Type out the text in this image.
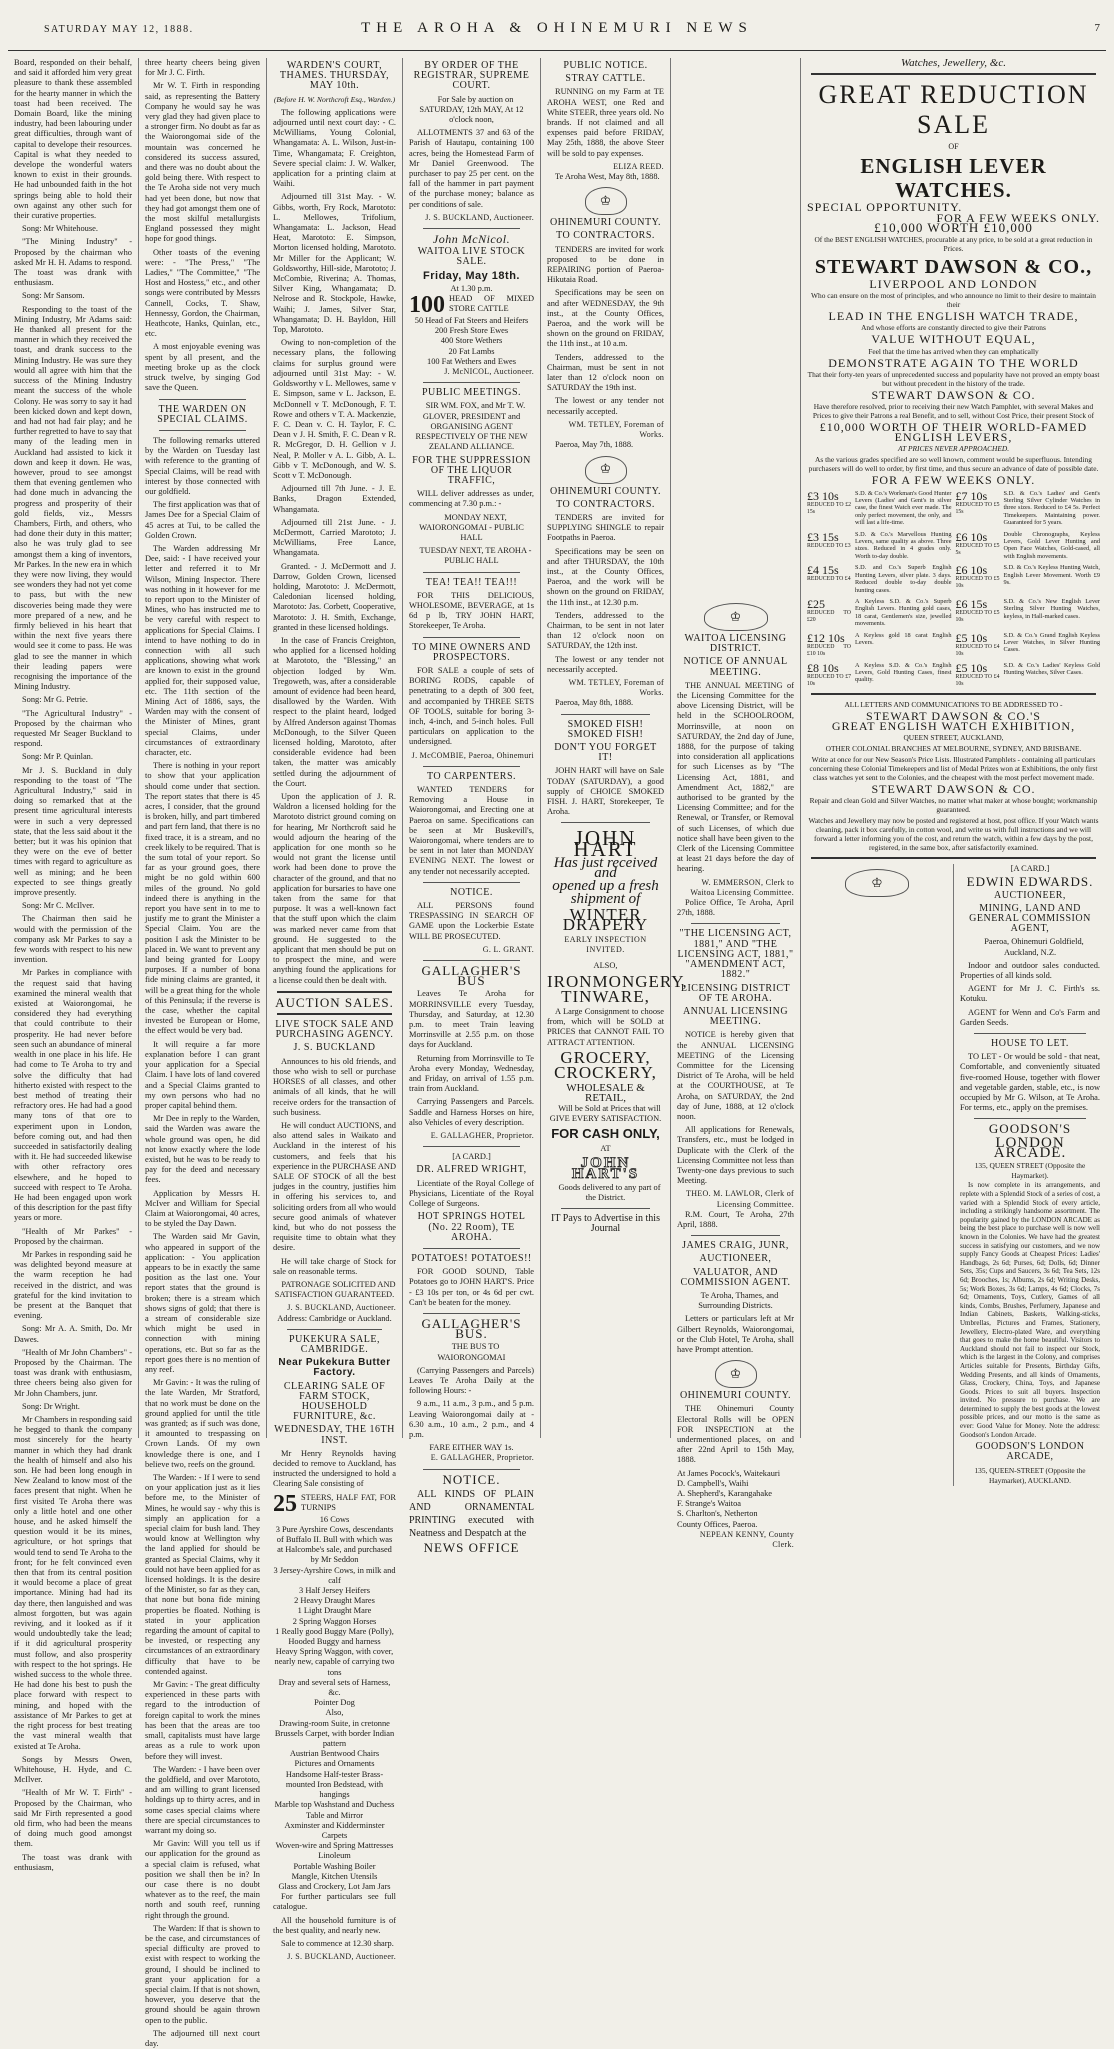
SATURDAY MAY 12, 1888.	THE AROHA & OHINEMURI NEWS	7

Board, responded on their behalf, and said it afforded him very great pleasure to thank these assembled for the hearty manner in which the toast had been received. The Domain Board, like the mining industry, had been labouring under great difficulties, through want of capital to develope their resources. Capital is what they needed to develope the wonderful waters known to exist in their grounds. He had unbounded faith in the hot springs being able to hold their own against any other such for their curative properties.

Song: Mr Whitehouse.

"The Mining Industry" - Proposed by the chairman who asked Mr H. H. Adams to respond. The toast was drank with enthusiasm.

Song: Mr Sansom.

Responding to the toast of the Mining Industry, Mr Adams said: He thanked all present for the manner in which they received the toast, and drank success to the Mining Industry. He was sure they would all agree with him that the success of the Mining Industry meant the success of the whole Colony. He was sorry to say it had been kicked down and kept down, and had not had fair play; and he further regretted to have to say that many of the leading men in Auckland had assisted to kick it down and keep it down. He was, however, proud to see amongst them that evening gentlemen who had done much in advancing the progress and prosperity of their gold fields, viz., Messrs Chambers, Firth, and others, who had done their duty in this matter; also he was truly glad to see amongst them a king of inventors, Mr Parkes. In the new era in which they were now living, they would see wonders they had not yet come to pass, but with the new discoveries being made they were more prepared of a new, and he firmly believed in his heart that within the next five years there would see it come to pass. He was glad to see the manner in which their leading papers were recognising the importance of the Mining Industry.

Song: Mr G. Petrie.

"The Agricultural Industry" - Proposed by the chairman who requested Mr Seager Buckland to respond.

Song: Mr P. Quinlan.

Mr J. S. Buckland in duly responding to the toast of "The Agricultural Industry," said in doing so remarked that at the present time agricultural interests were in such a very depressed state, that the less said about it the better; but it was his opinion that they were on the eve of better times with regard to agriculture as well as mining; and he been expected to see things greatly improve presently.

Song: Mr C. McIlver.

The Chairman then said he would with the permission of the company ask Mr Parkes to say a few words with respect to his new invention.

Mr Parkes in compliance with the request said that having examined the mineral wealth that existed at Waiorongomai, he considered they had everything that could contribute to their prosperity. He had never before seen such an abundance of mineral wealth in one place in his life. He had come to Te Aroha to try and solve the difficulty that had hitherto existed with respect to the best method of treating their refractory ores. He had had a good many tons of that ore to experiment upon in London, before coming out, and had then succeeded in satisfactorily dealing with it. He had succeeded likewise with other refractory ores elsewhere, and he hoped to succeed with respect to Te Aroha. He had been engaged upon work of this description for the past fifty years or more.

"Health of Mr Parkes" - Proposed by the chairman.

Mr Parkes in responding said he was delighted beyond measure at the warm reception he had received in the district, and was grateful for the kind invitation to be present at the Banquet that evening.

Song: Mr A. A. Smith, Do. Mr Dawes.

"Health of Mr John Chambers" - Proposed by the Chairman. The toast was drank with enthusiasm, three cheers being also given for Mr John Chambers, junr.

Song: Dr Wright.

Mr Chambers in responding said he begged to thank the company most sincerely for the hearty manner in which they had drank the health of himself and also his son. He had been long enough in New Zealand to know most of the faces present that night. When he first visited Te Aroha there was only a little hotel and one other house, and he asked himself the question would it be its mines, agriculture, or hot springs that would tend to send Te Aroha to the front; for he felt convinced even then that from its central position it would become a place of great importance. Mining had had its day there, then languished and was almost forgotten, but was again reviving, and it looked as if it would undoubtedly take the lead; if it did agricultural prosperity must follow, and also prosperity with respect to the hot springs. He wished success to the whole three. He had done his best to push the place forward with respect to mining, and hoped with the assistance of Mr Parkes to get at the right process for best treating the vast mineral wealth that existed at Te Aroha.

Songs by Messrs Owen, Whitehouse, H. Hyde, and C. McIlver.

"Health of Mr W. T. Firth" - Proposed by the Chairman, who said Mr Firth represented a good old firm, who had been the means of doing much good amongst them.

The toast was drank with enthusiasm,

three hearty cheers being given for Mr J. C. Firth.

Mr W. T. Firth in responding said, as representing the Battery Company he would say he was very glad they had given place to a stronger firm. No doubt as far as the Waiorongomai side of the mountain was concerned he considered its success assured, and there was no doubt about the gold being there. With respect to the Te Aroha side not very much had yet been done, but now that they had got amongst them one of the most skilful metallurgists England possessed they might hope for good things.

Other toasts of the evening were: - "The Press," "The Ladies," "The Committee," "The Host and Hostess," etc., and other songs were contributed by Messrs Cannell, Cocks, T. Shaw, Hennessy, Gordon, the Chairman, Heathcote, Hanks, Quinlan, etc., etc.

A most enjoyable evening was spent by all present, and the meeting broke up as the clock struck twelve, by singing God save the Queen.

THE WARDEN ON SPECIAL CLAIMS.

The following remarks uttered by the Warden on Tuesday last with reference to the granting of Special Claims, will be read with interest by those connected with our goldfield.

The first application was that of James Dee for a Special Claim of 45 acres at Tui, to be called the Golden Crown.

The Warden addressing Mr Dee, said: - I have received your letter and referred it to Mr Wilson, Mining Inspector. There was nothing in it however for me to report upon to the Minister of Mines, who has instructed me to be very careful with respect to applications for Special Claims. I intend to have nothing to do in connection with all such applications, showing what work are known to exist in the ground applied for, their supposed value, etc. The 11th section of the Mining Act of 1886, says, the Warden may with the consent of the Minister of Mines, grant special Claims, under circumstances of extraordinary character, etc.

There is nothing in your report to show that your application should come under that section. The report states that there is 45 acres, I consider, that the ground is broken, hilly, and part timbered and part fern land, that there is no fixed trace, it is a stream, and no creek likely to be required. That is the sum total of your report. So far as your ground goes, there might be no gold within 600 miles of the ground. No gold indeed there is anything in the report you have sent in to me to justify me to grant the Minister a Special Claim. You are the position I ask the Minister to be placed in. We want to prevent any land being granted for Loopy purposes. If a number of bona fide mining claims are granted, it will be a great thing for the whole of this Peninsula; if the reverse is the case, whether the capital invested be European or Home, the effect would be very bad.

It will require a far more explanation before I can grant your application for a Special Claim. I have lots of land covered and a Special Claims granted to my own persons who had no proper capital behind them.

Mr Dee in reply to the Warden, said the Warden was aware the whole ground was open, he did not know exactly where the lode existed, but he was to be ready to pay for the deed and necessary fees.

Application by Messrs H. McIver and William for Special Claim at Waiorongomai, 40 acres, to be styled the Day Dawn.

The Warden said Mr Gavin, who appeared in support of the application: - You application appears to be in exactly the same position as the last one. Your report states that the ground is broken; there is a stream which shows signs of gold; that there is a stream of considerable size which might be used in connection with mining operations, etc. But so far as the report goes there is no mention of any reef.

Mr Gavin: - It was the ruling of the late Warden, Mr Stratford, that no work must be done on the ground applied for until the title was granted; as if such was done, it amounted to trespassing on Crown Lands. Of my own knowledge there is one, and I believe two, reefs on the ground.

The Warden: - If I were to send on your application just as it lies before me, to the Minister of Mines, he would say - why this is simply an application for a special claim for bush land. They would know at Wellington why the land applied for should be granted as Special Claims, why it could not have been applied for as licensed holdings. It is the desire of the Minister, so far as they can, that none but bona fide mining properties be floated. Nothing is stated in your application regarding the amount of capital to be invested, or respecting any circumstances of an extraordinary difficulty that have to be contended against.

Mr Gavin: - The great difficulty experienced in these parts with regard to the introduction of foreign capital to work the mines has been that the areas are too small, capitalists must have large areas as a rule to work upon before they will invest.

The Warden: - I have been over the goldfield, and over Marototo, and am willing to grant licensed holdings up to thirty acres, and in some cases special claims where there are special circumstances to warrant my doing so.

Mr Gavin: Will you tell us if our application for the ground as a special claim is refused, what position we shall then be in? In our case there is no doubt whatever as to the reef, the main north and south reef, running right through the ground.

The Warden: If that is shown to be the case, and circumstances of special difficulty are proved to exist with respect to working the ground, I should be inclined to grant your application for a special claim. If that is not shown, however, you deserve that the ground should be again thrown open to the public.

The adjourned till next court day.

WARDEN'S COURT, THAMES. THURSDAY, MAY 10th.
(Before H. W. Northcroft Esq., Warden.)

The following applications were adjourned until next court day: - C. McWilliams, Young Colonial, Whangamata: A. L. Wilson, Just-in-Time, Whangamata; F. Creighton, Severe special claim: J. W. Walker, application for a printing claim at Waihi.

Adjourned till 31st May. - W. Gibbs, worth, Fry Rock, Marototo: L. Mellowes, Trifolium, Whangamata: L. Jackson, Head Heat, Marototo: E. Simpson, Morton licensed holding, Marototo. Mr Miller for the Applicant; W. Goldsworthy, Hill-side, Marototo; J. McCombie, Riverina; A. Thomas, Silver King, Whangamata; D. Nelrose and R. Stockpole, Hawke, Waihi; J. James, Silver Star, Whangamata; D. H. Bayldon, Hill Top, Marototo.

Owing to non-completion of the necessary plans, the following claims for surplus ground were adjourned until 31st May: - W. Goldsworthy v L. Mellowes, same v E. Simpson, same v L. Jackson, E. McDonnell v T. McDonough, F. T. Rowe and others v T. A. Mackenzie, F. C. Dean v. C. H. Taylor, F. C. Dean v J. H. Smith, F. C. Dean v R. R. McGregor, D. H. Gellion v J. Neal, P. Moller v A. L. Gibb, A. L. Gibb v T. McDonough, and W. S. Scott v T. McDonough.

Adjourned till 7th June. - J. E. Banks, Dragon Extended, Whangamata.

Adjourned till 21st June. - J. McDermott, Carried Marototo; J. McWilliams, Free Lance, Whangamata.

Granted. - J. McDermott and J. Darrow, Golden Crown, licensed holding, Marototo: J. McDermott, Caledonian licensed holding, Marototo: Jas. Corbett, Cooperative, Marototo: J. H. Smith, Exchange, granted in these licensed holdings.

In the case of Francis Creighton, who applied for a licensed holding at Marototo, the "Blessing," an objection lodged by Wm. Tregoweth, was, after a considerable amount of evidence had been heard, disallowed by the Warden. With respect to the plaint heard, lodged by Alfred Anderson against Thomas McDonough, to the Silver Queen licensed holding, Marototo, after considerable evidence had been taken, the matter was amicably settled during the adjournment of the Court.

Upon the application of J. R. Waldron a licensed holding for the Marototo district ground coming on for hearing, Mr Northcroft said he would adjourn the hearing of the application for one month so he would not grant the license until work had been done to prove the character of the ground, and that no application for bursaries to have one taken from the same for that purpose. It was a well-known fact that the stuff upon which the claim was marked never came from that ground. He suggested to the applicant that men should be put on to prospect the mine, and were anything found the applications for a license could then be dealt with.

AUCTION SALES.
LIVE STOCK SALE AND PURCHASING AGENCY.
J. S. BUCKLAND

Announces to his old friends, and those who wish to sell or purchase HORSES of all classes, and other animals of all kinds, that he will receive orders for the transaction of such business.

He will conduct AUCTIONS, and also attend sales in Waikato and Auckland in the interest of his customers, and feels that his experience in the PURCHASE AND SALE OF STOCK of all the best judges in the country, justifies him in offering his services to, and soliciting orders from all who would secure good animals of whatever kind, but who do not possess the requisite time to obtain what they desire.

He will take charge of Stock for sale on reasonable terms.

PATRONAGE SOLICITED AND SATISFACTION GUARANTEED.

J. S. BUCKLAND, Auctioneer.
Address: Cambridge or Auckland.
PUKEKURA SALE, CAMBRIDGE.
Near Pukekura Butter Factory.
CLEARING SALE OF FARM STOCK, HOUSEHOLD FURNITURE, &c.
WEDNESDAY, THE 16TH INST.

Mr Henry Reynolds having decided to remove to Auckland, has instructed the undersigned to hold a Clearing Sale consisting of

25 STEERS, HALF FAT, FOR TURNIPS
16 Cows
3 Pure Ayrshire Cows, descendants of Buffalo II. Bull with which was at Halcombe's sale, and purchased by Mr Seddon
3 Jersey-Ayrshire Cows, in milk and calf
3 Half Jersey Heifers
2 Heavy Draught Mares
1 Light Draught Mare
2 Spring Waggon Horses
1 Really good Buggy Mare (Polly), Hooded Buggy and harness
Heavy Spring Waggon, with cover, nearly new, capable of carrying two tons
Dray and several sets of Harness, &c.
Pointer Dog
Also,
Drawing-room Suite, in cretonne
Brussels Carpet, with border Indian pattern
Austrian Bentwood Chairs
Pictures and Ornaments
Handsome Half-tester Brass-mounted Iron Bedstead, with hangings
Marble top Washstand and Duchess Table and Mirror
Axminster and Kidderminster Carpets
Woven-wire and Spring Mattresses
Linoleum
Portable Washing Boiler
Mangle, Kitchen Utensils
Glass and Crockery, Lot Jam Jars

For further particulars see full catalogue.

All the household furniture is of the best quality, and nearly new.

Sale to commence at 12.30 sharp.

J. S. BUCKLAND, Auctioneer.
BY ORDER OF THE REGISTRAR, SUPREME COURT.

For Sale by auction on SATURDAY, 12th MAY, At 12 o'clock noon,

ALLOTMENTS 37 and 63 of the Parish of Hautapu, containing 100 acres, being the Homestead Farm of Mr Daniel Greenwood. The purchaser to pay 25 per cent. on the fall of the hammer in part payment of the purchase money; balance as per conditions of sale.

J. S. BUCKLAND, Auctioneer.
John McNicol.
WAITOA LIVE STOCK SALE.
Friday, May 18th.
At 1.30 p.m.
100 HEAD OF MIXED STORE CATTLE
50 Head of Fat Steers and Heifers
200 Fresh Store Ewes
400 Store Wethers
20 Fat Lambs
100 Fat Wethers and Ewes
J. McNICOL, Auctioneer.
PUBLIC MEETINGS.

SIR WM. FOX, and Mr T. W. GLOVER, PRESIDENT and ORGANISING AGENT RESPECTIVELY OF THE NEW ZEALAND ALLIANCE.

FOR THE SUPPRESSION OF THE LIQUOR TRAFFIC,

WILL deliver addresses as under, commencing at 7.30 p.m.: -

MONDAY NEXT, WAIORONGOMAI - PUBLIC HALL

TUESDAY NEXT, TE AROHA - PUBLIC HALL

TEA! TEA!! TEA!!!

FOR THIS DELICIOUS, WHOLESOME, BEVERAGE, at 1s 6d p lb, TRY JOHN HART, Storekeeper, Te Aroha.

TO MINE OWNERS AND PROSPECTORS.

FOR SALE a couple of sets of BORING RODS, capable of penetrating to a depth of 300 feet, and accompanied by THREE SETS OF TOOLS, suitable for boring 3-inch, 4-inch, and 5-inch holes. Full particulars on application to the undersigned.

J. McCOMBIE, Paeroa, Ohinemuri
TO CARPENTERS.

WANTED TENDERS for Removing a House in Waiorongomai, and Erecting one at Paeroa on same. Specifications can be seen at Mr Buskevill's, Waiorongomai, where tenders are to be sent in not later than MONDAY EVENING NEXT. The lowest or any tender not necessarily accepted.

NOTICE.

ALL PERSONS found TRESPASSING IN SEARCH OF GAME upon the Lockerbie Estate WILL BE PROSECUTED.

G. L. GRANT.
GALLAGHER'S BUS

Leaves Te Aroha for MORRINSVILLE every Tuesday, Thursday, and Saturday, at 12.30 p.m. to meet Train leaving Morrinsville at 2.55 p.m. on those days for Auckland.

Returning from Morrinsville to Te Aroha every Monday, Wednesday, and Friday, on arrival of 1.55 p.m. train from Auckland.

Carrying Passengers and Parcels. Saddle and Harness Horses on hire, also Vehicles of every description.

E. GALLAGHER, Proprietor.
[A CARD.]
DR. ALFRED WRIGHT,

Licentiate of the Royal College of Physicians, Licentiate of the Royal College of Surgeons.

HOT SPRINGS HOTEL (No. 22 Room), TE AROHA.
POTATOES! POTATOES!!

FOR GOOD SOUND, Table Potatoes go to JOHN HART'S. Price - £3 10s per ton, or 4s 6d per cwt. Can't be beaten for the money.

GALLAGHER'S BUS.

THE BUS TO WAIORONGOMAI

(Carrying Passengers and Parcels) Leaves Te Aroha Daily at the following Hours: -

9 a.m., 11 a.m., 3 p.m., and 5 p.m. Leaving Waiorongomai daily at - 6.30 a.m., 10 a.m., 2 p.m., and 4 p.m.

FARE EITHER WAY 1s.
E. GALLAGHER, Proprietor.
NOTICE.

ALL KINDS OF PLAIN AND ORNAMENTAL PRINTING executed with Neatness and Despatch at the

NEWS OFFICE
PUBLIC NOTICE.
STRAY CATTLE.

RUNNING on my Farm at TE AROHA WEST, one Red and White STEER, three years old. No brands. If not claimed and all expenses paid before FRIDAY, May 25th, 1888, the above Steer will be sold to pay expenses.

ELIZA REED.

Te Aroha West, May 8th, 1888.

♔
OHINEMURI COUNTY.
TO CONTRACTORS.

TENDERS are invited for work proposed to be done in REPAIRING portion of Paeroa-Hikutaia Road.

Specifications may be seen on and after WEDNESDAY, the 9th inst., at the County Offices, Paeroa, and the work will be shown on the ground on FRIDAY, the 11th inst., at 10 a.m.

Tenders, addressed to the Chairman, must be sent in not later than 12 o'clock noon on SATURDAY the 19th inst.

The lowest or any tender not necessarily accepted.

WM. TETLEY, Foreman of Works.

Paeroa, May 7th, 1888.

♔
OHINEMURI COUNTY.
TO CONTRACTORS.

TENDERS are invited for SUPPLYING SHINGLE to repair Footpaths in Paeroa.

Specifications may be seen on and after THURSDAY, the 10th inst., at the County Offices, Paeroa, and the work will be shown on the ground on FRIDAY, the 11th inst., at 12.30 p.m.

Tenders, addressed to the Chairman, to be sent in not later than 12 o'clock noon on SATURDAY, the 12th inst.

The lowest or any tender not necessarily accepted.

WM. TETLEY, Foreman of Works.

Paeroa, May 8th, 1888.

SMOKED FISH! SMOKED FISH!
DON'T YOU FORGET IT!

JOHN HART will have on Sale TODAY (SATURDAY), a good supply of CHOICE SMOKED FISH. J. HART, Storekeeper, Te Aroha.

JOHN HART
Has just received and
opened up a fresh
shipment of
WINTER DRAPERY
EARLY INSPECTION INVITED.
ALSO,
IRONMONGERY,
TINWARE,

A Large Consignment to choose from, which will be SOLD at PRICES that CANNOT FAIL TO ATTRACT ATTENTION.

GROCERY,
CROCKERY,
WHOLESALE & RETAIL,

Will be Sold at Prices that will GIVE EVERY SATISFACTION.

FOR CASH ONLY,
AT
JOHN HART'S

Goods delivered to any part of the District.

IT Pays to Advertise in this Journal
♔
WAITOA LICENSING DISTRICT.
NOTICE OF ANNUAL MEETING.

THE ANNUAL MEETING of the Licensing Committee for the above Licensing District, will be held in the SCHOOLROOM, Morrinsville, at noon on SATURDAY, the 2nd day of June, 1888, for the purpose of taking into consideration all applications for such Licenses as by "The Licensing Act, 1881, and Amendment Act, 1882," are authorised to be granted by the Licensing Committee; and for the Renewal, or Transfer, or Removal of such Licenses, of which due notice shall have been given to the Clerk of the Licensing Committee at least 21 days before the day of hearing.

W. EMMERSON, Clerk to Waitoa Licensing Committee.

Police Office, Te Aroha, April 27th, 1888.

"THE LICENSING ACT, 1881," AND "THE LICENSING ACT, 1881," "AMENDMENT ACT, 1882."
LICENSING DISTRICT OF TE AROHA.
ANNUAL LICENSING MEETING.

NOTICE is hereby given that the ANNUAL LICENSING MEETING of the Licensing Committee for the Licensing District of Te Aroha, will be held at the COURTHOUSE, at Te Aroha, on SATURDAY, the 2nd day of June, 1888, at 12 o'clock noon.

All applications for Renewals, Transfers, etc., must be lodged in Duplicate with the Clerk of the Licensing Committee not less than Twenty-one days previous to such Meeting.

THEO. M. LAWLOR, Clerk of Licensing Committee.

R.M. Court, Te Aroha, 27th April, 1888.

JAMES CRAIG, JUNR,
AUCTIONEER,
VALUATOR, AND COMMISSION AGENT.

Te Aroha, Thames, and Surrounding Districts.

Letters or particulars left at Mr Gilbert Reynolds, Waiorongomai, or the Club Hotel, Te Aroha, shall have Prompt attention.

♔
OHINEMURI COUNTY.

THE Ohinemuri County Electoral Rolls will be OPEN FOR INSPECTION at the undermentioned places, on and after 22nd April to 15th May, 1888.

At James Pocock's, Waitekauri
D. Campbell's, Waihi
A. Shepherd's, Karangahake
F. Strange's Waitoa
S. Charlton's, Netherton
County Offices, Paeroa.
NEPEAN KENNY, County Clerk.
Watches, Jewellery, &c.
GREAT REDUCTION SALE
OF
ENGLISH LEVER WATCHES.
SPECIAL OPPORTUNITY.
FOR A FEW WEEKS ONLY.
£10,000 WORTH £10,000
Of the BEST ENGLISH WATCHES, procurable at any price, to be sold at a great reduction in Prices.
STEWART DAWSON & CO.,
LIVERPOOL AND LONDON
Who can ensure on the most of principles, and who announce no limit to their desire to maintain their
LEAD IN THE ENGLISH WATCH TRADE,
And whose efforts are constantly directed to give their Patrons
VALUE WITHOUT EQUAL,
Feel that the time has arrived when they can emphatically
DEMONSTRATE AGAIN TO THE WORLD
That their forty-ten years of unprecedented success and popularity have not proved an empty boast but without precedent in the history of the trade.
STEWART DAWSON & CO.
Have therefore resolved, prior to receiving their new Watch Pamphlet, with several Makes and Prices to give their Patrons a real Benefit, and to sell, without Cost Price, their present Stock of
£10,000 WORTH OF THEIR WORLD-FAMED ENGLISH LEVERS,
AT PRICES NEVER APPROACHED.
As the various grades specified are so well known, comment would be superfluous. Intending purchasers will do well to order, by first time, and thus secure an advance of date of possible date.
FOR A FEW WEEKS ONLY.
£3 10s
REDUCED TO £2 15s
S.D. & Co.'s Workman's Good Hunter Levers (Ladies' and Gent's in silver case, the finest Watch ever made. The only perfect movement, the only, and will last a life-time.
£7 10s
REDUCED TO £5 15s
S.D. & Co.'s Ladies' and Gent's Sterling Silver Cylinder Watches in three sizes. Reduced to £4 5s. Perfect Timekeepers. Maintaining power. Guaranteed for 5 years.
£3 15s
REDUCED TO £3
S.D. & Co.'s Marvellous Hunting Levers, same quality as above. Three sizes. Reduced in 4 grades only. Worth to-day double.
£6 10s
REDUCED TO £5 5s
Double Chronographs, Keyless Levers, Gold Lever Hunting and Open Face Watches, Gold-cased, all with English movements.
£4 15s
REDUCED TO £4
S.D. and Co.'s Superb English Hunting Levers, silver plate. 3 days. Reduced double to-day double hunting cases.
£6 10s
REDUCED TO £5 10s
S.D. & Co.'s Keyless Hunting Watch, English Lever Movement. Worth £9 9s.
£25
REDUCED TO £20
A Keyless S.D. & Co.'s Superb English Levers. Hunting gold cases, 18 carat, Gentlemen's size, jewelled movements.
£6 15s
REDUCED TO £5 10s
S.D. & Co.'s New English Lever Sterling Silver Hunting Watches, keyless, in Hall-marked cases.
£12 10s
REDUCED TO £10 10s
A Keyless gold 18 carat English Levers.	£5 10s
REDUCED TO £4 10s
S.D. & Co.'s Grand English Keyless Lever Watches, in Silver Hunting Cases.
£8 10s
REDUCED TO £7 10s
A Keyless S.D. & Co.'s English Levers, Gold Hunting Cases, finest quality.
£5 10s
REDUCED TO £4 10s
S.D. & Co.'s Ladies' Keyless Gold Hunting Watches, Silver Cases.
ALL LETTERS AND COMMUNICATIONS TO BE ADDRESSED TO -
STEWART DAWSON & CO.'S
GREAT ENGLISH WATCH EXHIBITION,
QUEEN STREET, AUCKLAND,
OTHER COLONIAL BRANCHES AT MELBOURNE, SYDNEY, AND BRISBANE.
Write at once for our New Season's Price Lists. Illustrated Pamphlets - containing all particulars concerning these Colonial Timekeepers and list of Medal Prizes won at Exhibitions, the only first class watches yet sent to the Colonies, and the cheapest with the most perfect movement made.
STEWART DAWSON & CO.
Repair and clean Gold and Silver Watches, no matter what maker at whose bought; workmanship guaranteed.
Watches and Jewellery may now be posted and registered at host, post office. If your Watch wants cleaning, pack it box carefully, in cotton wool, and write us with full instructions and we will forward a letter informing you of the cost, and return the watch, within a few days by the post, registered, in the same box, after satisfactorily examined.
♔
[A CARD.]
EDWIN EDWARDS.
AUCTIONEER,
MINING, LAND AND GENERAL COMMISSION AGENT,

Paeroa, Ohinemuri Goldfield, Auckland, N.Z.

Indoor and outdoor sales conducted. Properties of all kinds sold.

AGENT for Mr J. C. Firth's ss. Kotuku.

AGENT for Wenn and Co's Farm and Garden Seeds.

HOUSE TO LET.

TO LET - Or would be sold - that neat, Comfortable, and conveniently situated five-roomed House, together with flower and vegetable garden, stable, etc., is now occupied by Mr G. Wilson, at Te Aroha. For terms, etc., apply on the premises.

GOODSON'S
LONDON ARCADE.
135, QUEEN STREET (Opposite the Haymarket).

Is now complete in its arrangements, and replete with a Splendid Stock of a series of cost, a varied with a Splendid Stock of every article, including a strikingly handsome assortment. The popularity gained by the LONDON ARCADE as being the best place to purchase well is now well known in the Colonies. We have had the greatest success in satisfying our customers, and we now supply Fancy Goods at Cheapest Prices: Ladies' Handbags, 2s 6d; Purses, 6d; Dolls, 6d; Dinner Sets, 35s; Cups and Saucers, 3s 6d; Tea Sets, 12s 6d; Brooches, 1s; Albums, 2s 6d; Writing Desks, 5s; Work Boxes, 3s 6d; Lamps, 4s 6d; Clocks, 7s 6d; Ornaments, Toys, Cutlery, Games of all kinds, Combs, Brushes, Perfumery, Japanese and Indian Cabinets, Baskets, Walking-sticks, Umbrellas, Pictures and Frames, Stationery, Jewellery, Electro-plated Ware, and everything that goes to make the home beautiful. Visitors to Auckland should not fail to inspect our Stock, which is the largest in the Colony, and comprises Articles suitable for Presents, Birthday Gifts, Wedding Presents, and all kinds of Ornaments, Glass, Crockery, China, Toys, and Japanese Goods. Prices to suit all buyers. Inspection invited. No pressure to purchase. We are determined to supply the best goods at the lowest possible prices, and our motto is the same as ever: Good Value for Money. Note the address: Goodson's London Arcade.

GOODSON'S LONDON ARCADE,
135, QUEEN-STREET (Opposite the Haymarket), AUCKLAND.
